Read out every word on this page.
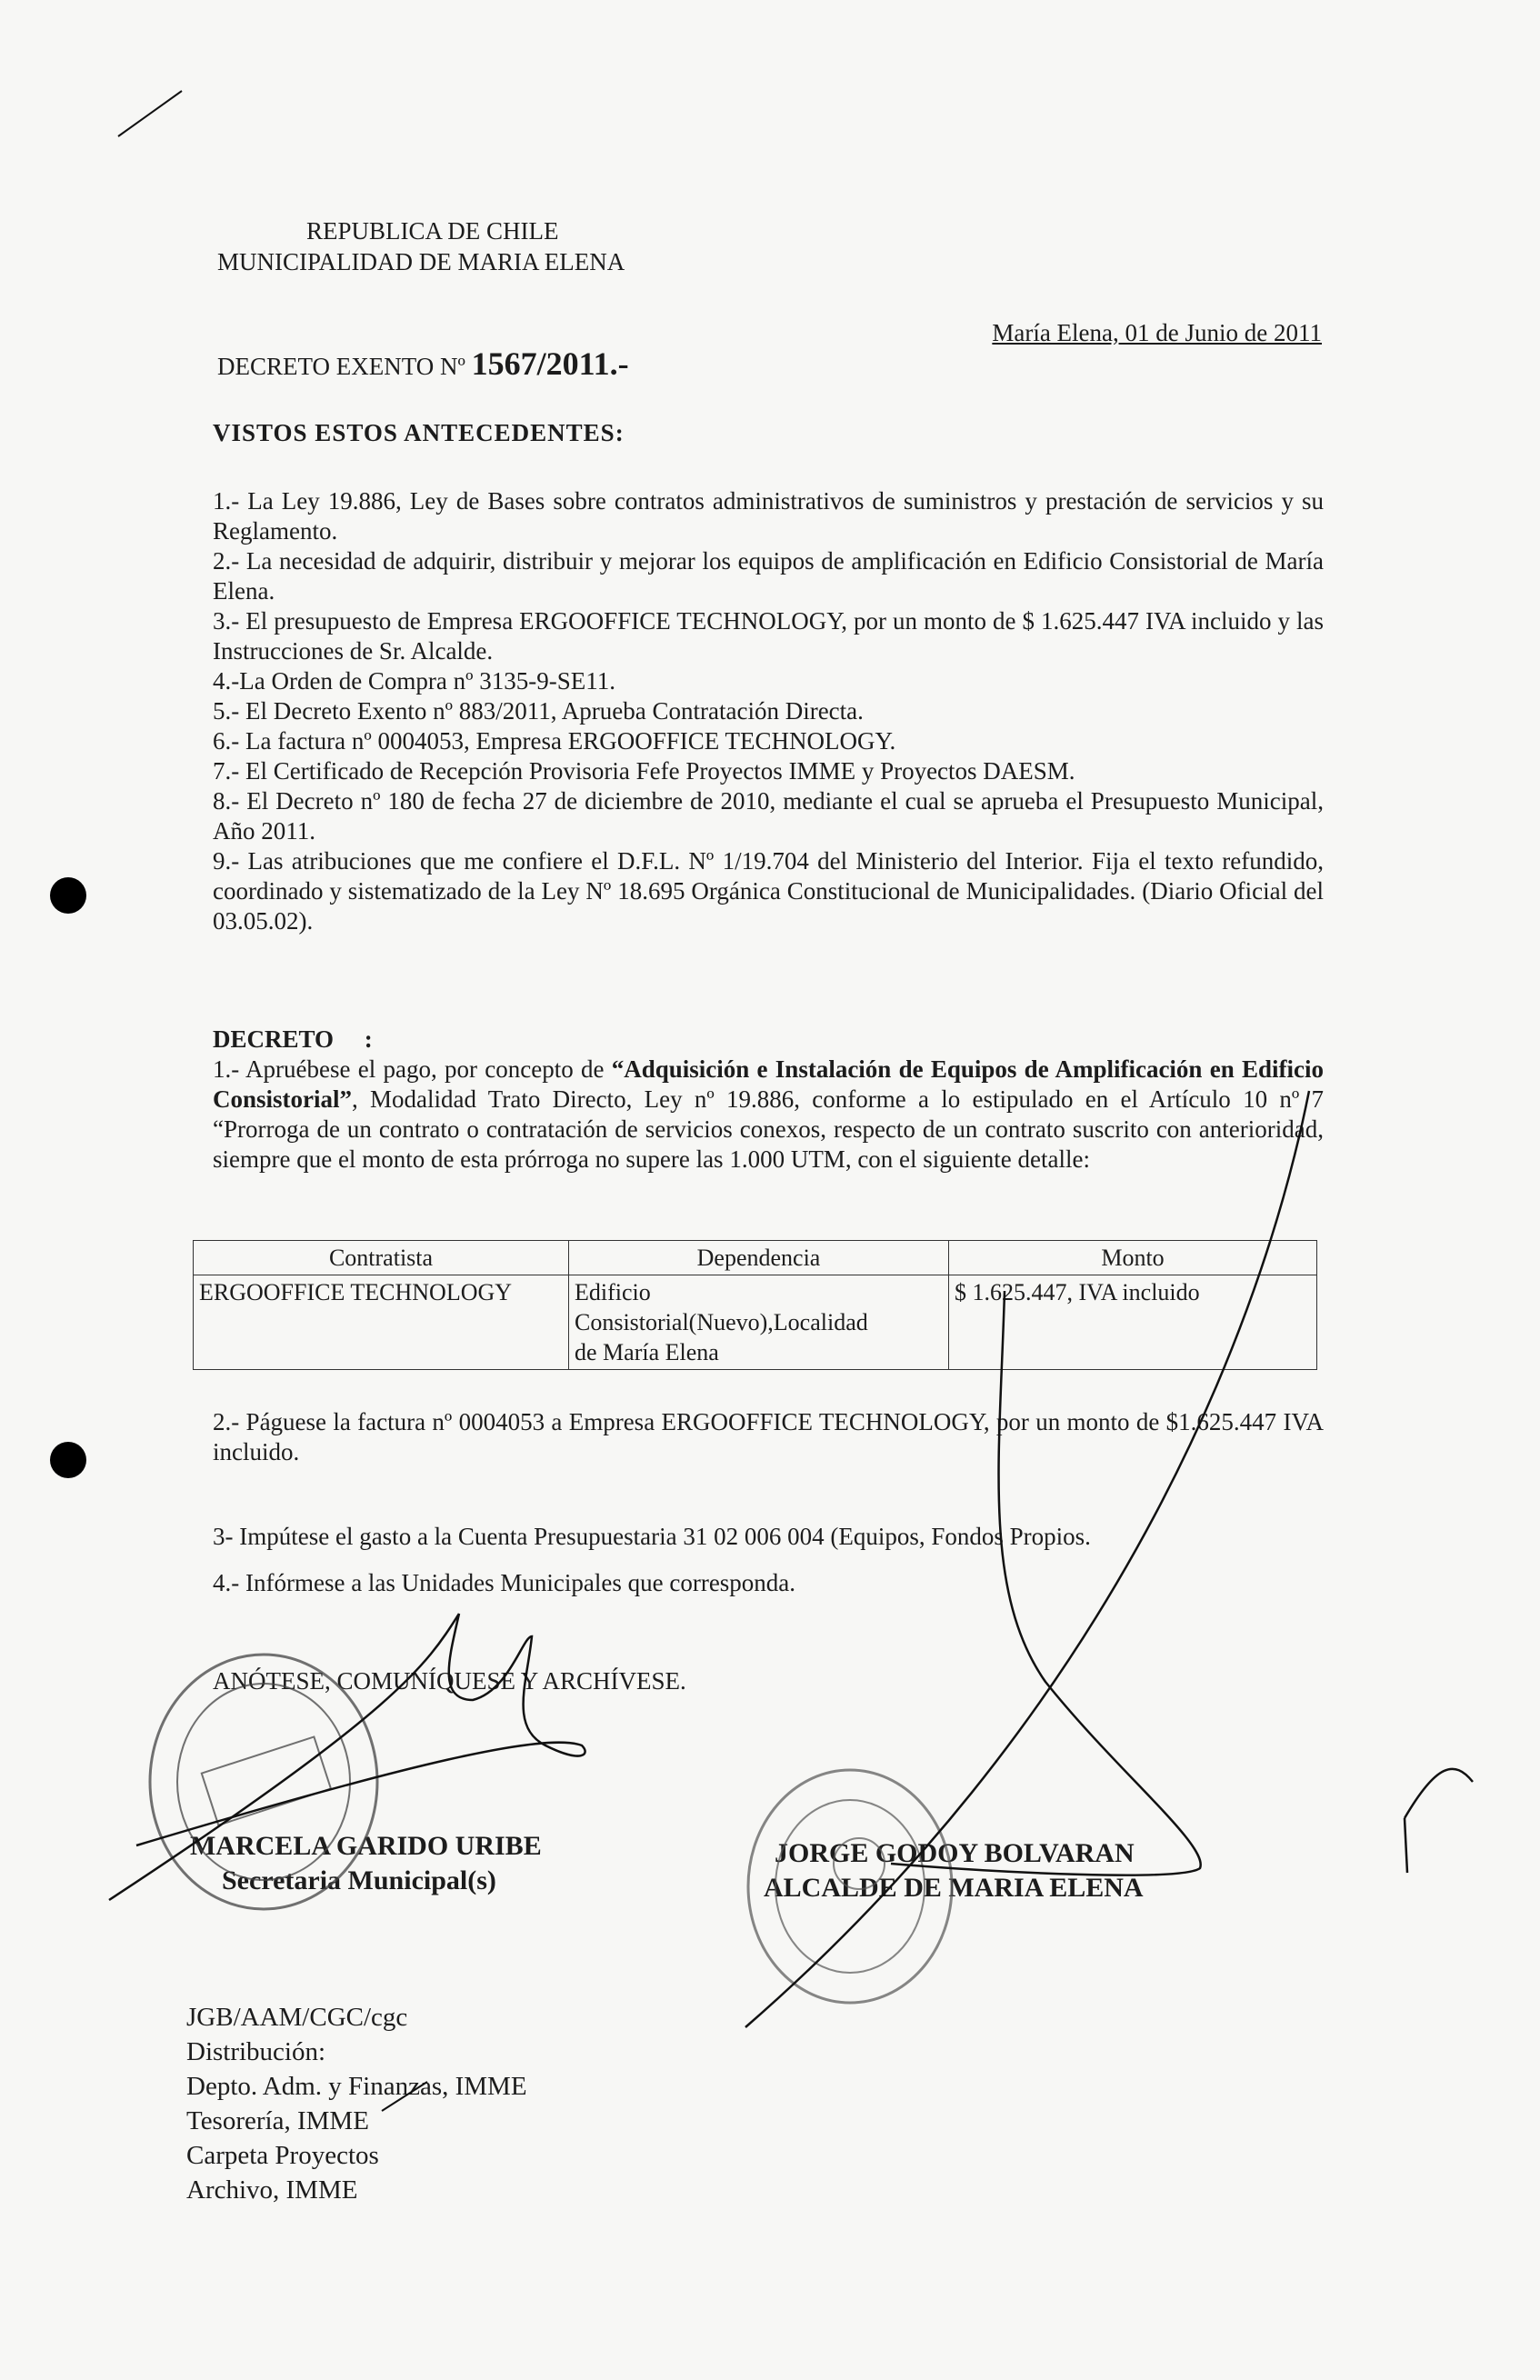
REPUBLICA DE CHILE
MUNICIPALIDAD DE MARIA ELENA
María Elena, 01 de Junio de 2011
DECRETO EXENTO Nº 1567/2011.-
VISTOS ESTOS ANTECEDENTES:

1.- La Ley 19.886, Ley de Bases sobre contratos administrativos de suministros y prestación de servicios y su Reglamento.

2.- La necesidad de adquirir, distribuir y mejorar los equipos de amplificación en Edificio Consistorial de María Elena.

3.- El presupuesto de Empresa ERGOOFFICE TECHNOLOGY, por un monto de $ 1.625.447 IVA incluido y las Instrucciones de Sr. Alcalde.

4.-La Orden de Compra nº 3135-9-SE11.

5.- El Decreto Exento nº 883/2011, Aprueba Contratación Directa.

6.- La factura nº 0004053, Empresa ERGOOFFICE TECHNOLOGY.

7.- El Certificado de Recepción Provisoria Fefe Proyectos IMME y Proyectos DAESM.

8.- El Decreto nº 180 de fecha 27 de diciembre de 2010, mediante el cual se aprueba el Presupuesto Municipal, Año 2011.

9.- Las atribuciones que me confiere el D.F.L. Nº 1/19.704 del Ministerio del Interior. Fija el texto refundido, coordinado y sistematizado de la Ley Nº 18.695 Orgánica Constitucional de Municipalidades. (Diario Oficial del 03.05.02).

DECRETO     :
1.- Apruébese el pago, por concepto de “Adquisición e Instalación de Equipos de Amplificación en Edificio Consistorial”, Modalidad Trato Directo, Ley nº 19.886, conforme a lo estipulado en el Artículo 10 nº 7 “Prorroga de un contrato o contratación de servicios conexos, respecto de un contrato suscrito con anterioridad, siempre que el monto de esta prórroga no supere las 1.000 UTM, con el siguiente detalle:
Contratista	Dependencia	Monto
ERGOOFFICE TECHNOLOGY	Edificio Consistorial(Nuevo),Localidad de María Elena	$ 1.625.447, IVA incluido
2.- Páguese la factura nº 0004053 a Empresa ERGOOFFICE TECHNOLOGY, por un monto de $1.625.447 IVA incluido.
3- Impútese el gasto a la Cuenta Presupuestaria 31 02 006 004 (Equipos, Fondos Propios.
4.- Infórmese a las Unidades Municipales que corresponda.
ANÓTESE, COMUNÍQUESE Y ARCHÍVESE.
MARCELA GARIDO URIBE
Secretaria Municipal(s)
JORGE GODOY BOLVARAN
ALCALDE DE MARIA ELENA
JGB/AAM/CGC/cgc
Distribución:
Depto. Adm. y Finanzas, IMME
Tesorería, IMME
Carpeta Proyectos
Archivo, IMME
